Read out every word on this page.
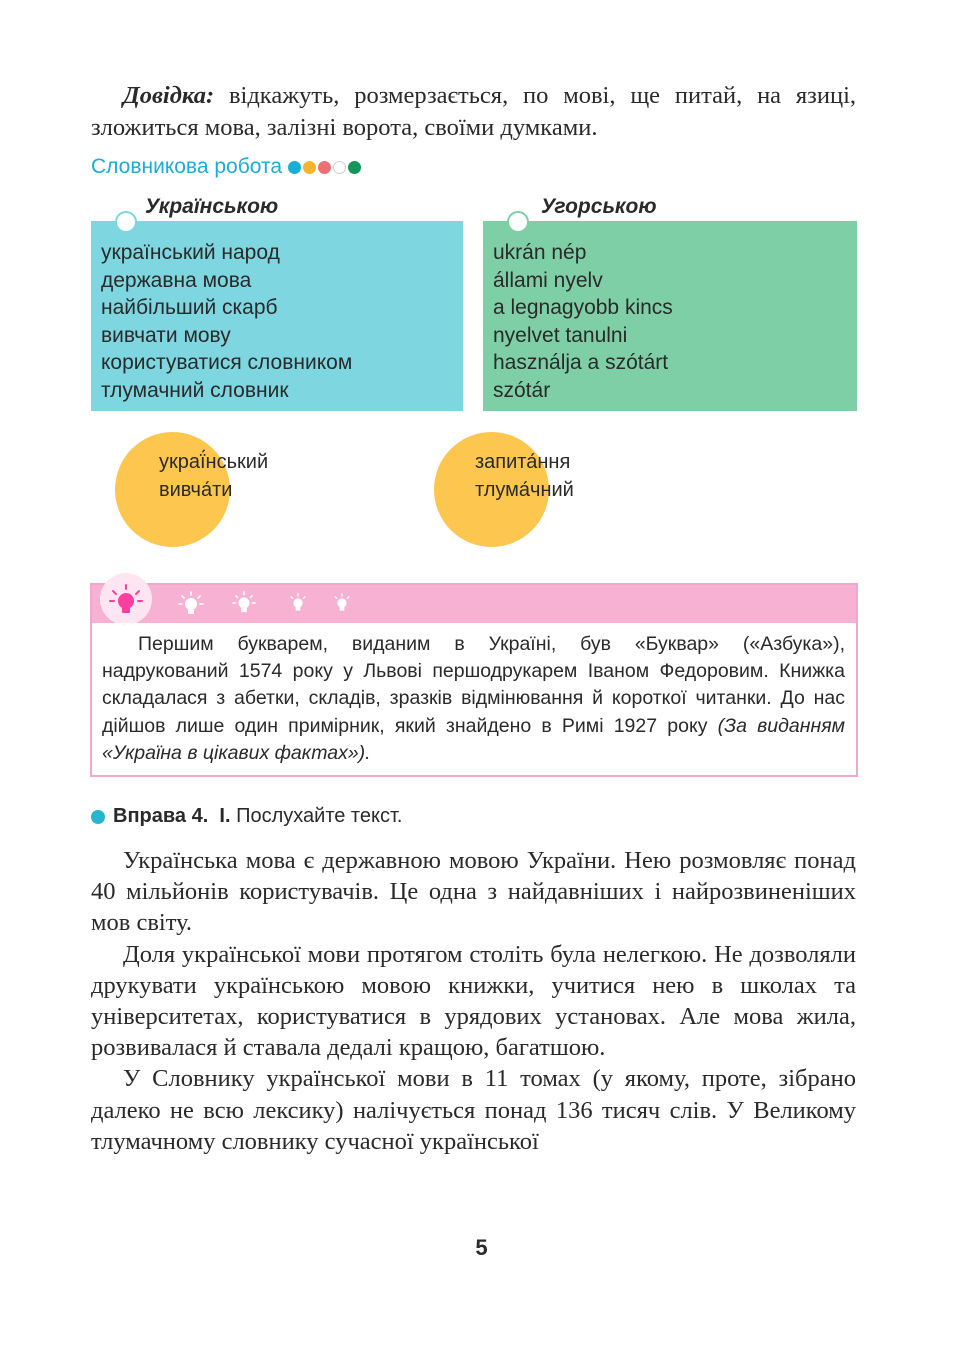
Довідка: відкажуть, розмерзається, по мові, ще питай, на язиці, зложиться мова, залізні ворота, своїми думками.
Словникова робота
Українською	Угорською
український народ
державна мова
найбільший скарб
вивчати мову
користуватися словником
тлумачний словник
ukrán nép
állami nyelv
a legnagyobb kincs
nyelvet tanulni
használja a szótárt
szótár
украї́нський
вивча́ти
запита́ння
тлума́чний
Першим букварем, виданим в Україні, був «Буквар» («Азбука»), надрукований 1574 року у Львові першодрукарем Іваном Федоровим. Книжка складалася з абетки, складів, зразків відмінювання й короткої читанки. До нас дійшов лише один примірник, який знайдено в Римі 1927 року (За виданням «Україна в цікавих фактах»).
Вправа 4.
І.
Послухайте текст.

Українська мова є державною мовою України. Нею розмовляє понад 40 мільйонів користувачів. Це одна з найдавніших і найрозвиненіших мов світу.

Доля української мови протягом століть була нелегкою. Не дозволяли друкувати українською мовою книжки, учитися нею в школах та університетах, користуватися в урядових установах. Але мова жила, розвивалася й ставала дедалі кращою, багатшою.

У Словнику української мови в 11 томах (у якому, проте, зібрано далеко не всю лексику) налічується понад 136 тисяч слів. У Великому тлумачному словнику сучасної української

5
